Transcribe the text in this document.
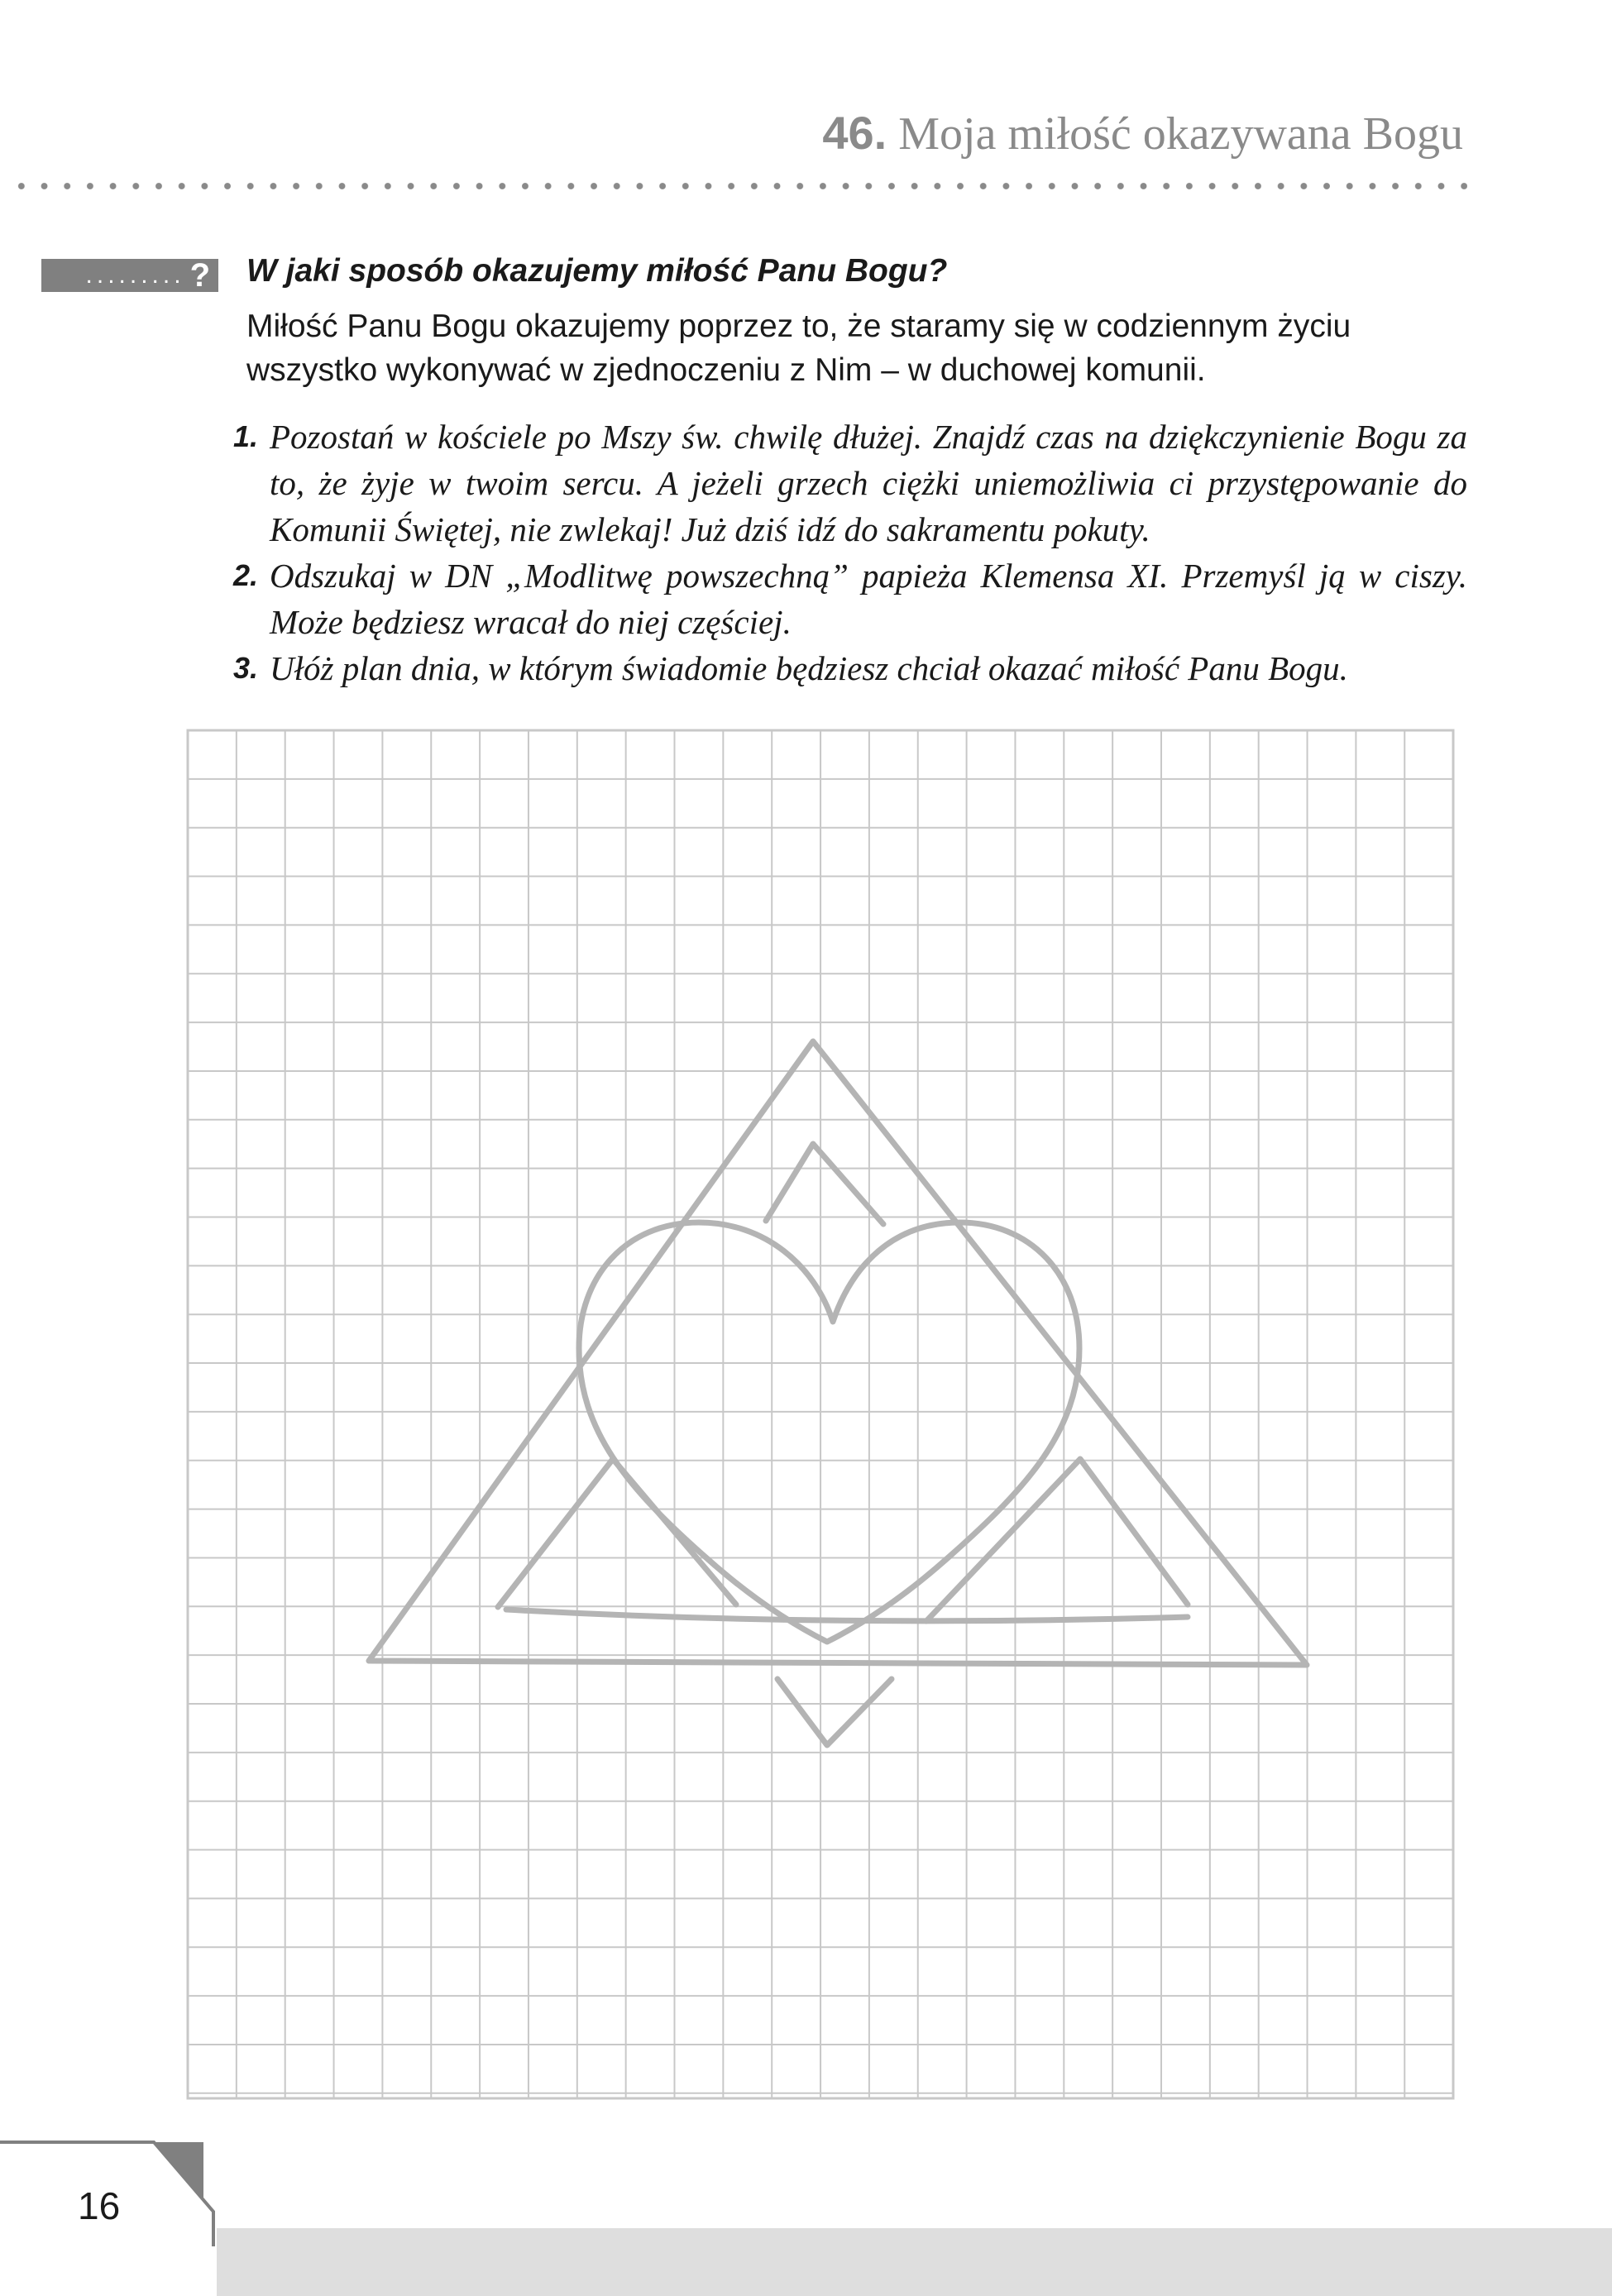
46. Moja miłość okazywana Bogu
......... ? W jaki sposób okazujemy miłość Panu Bogu?

Miłość Panu Bogu okazujemy poprzez to, że staramy się w codziennym życiu wszystko wykonywać w zjednoczeniu z Nim – w duchowej komunii.

1. Pozostań w kościele po Mszy św. chwilę dłużej. Znajdź czas na dziękczynienie Bogu za to, że żyje w twoim sercu. A jeżeli grzech ciężki uniemożliwia ci przystępowanie do Komunii Świętej, nie zwlekaj! Już dziś idź do sakramentu pokuty.
2. Odszukaj w DN „Modlitwę powszechną” papieża Klemensa XI. Przemyśl ją w ciszy. Może będziesz wracał do niej częściej.
3. Ułóż plan dnia, w którym świadomie będziesz chciał okazać miłość Panu Bogu.
16
